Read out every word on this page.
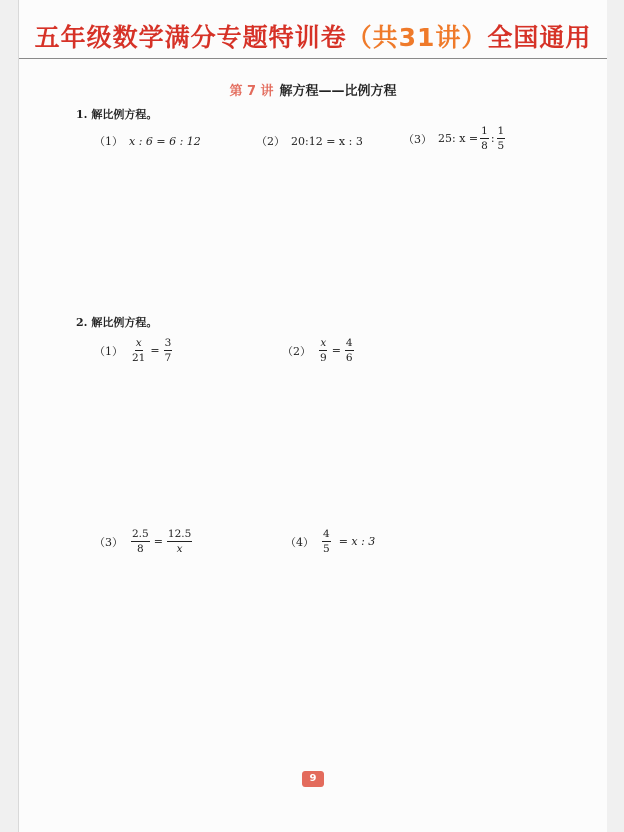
五年级数学满分专题特训卷（共31讲）全国通用
第 7 讲 解方程——比例方程
1. 解比例方程。
（1） x : 6 = 6 : 12	（2） 20:12 = x : 3	（3） 25: $x = \frac{1}{8}$ : $\frac{1}{5}$
2. 解比例方程。
$(1) \frac{x}{21} = \frac{3}{7}$	$(2) \frac{x}{9} = \frac{4}{6}$
$(3) \frac{2.5}{8} = \frac{12.5}{x}$	$(4) \frac{4}{5} = x$ : 3
9
